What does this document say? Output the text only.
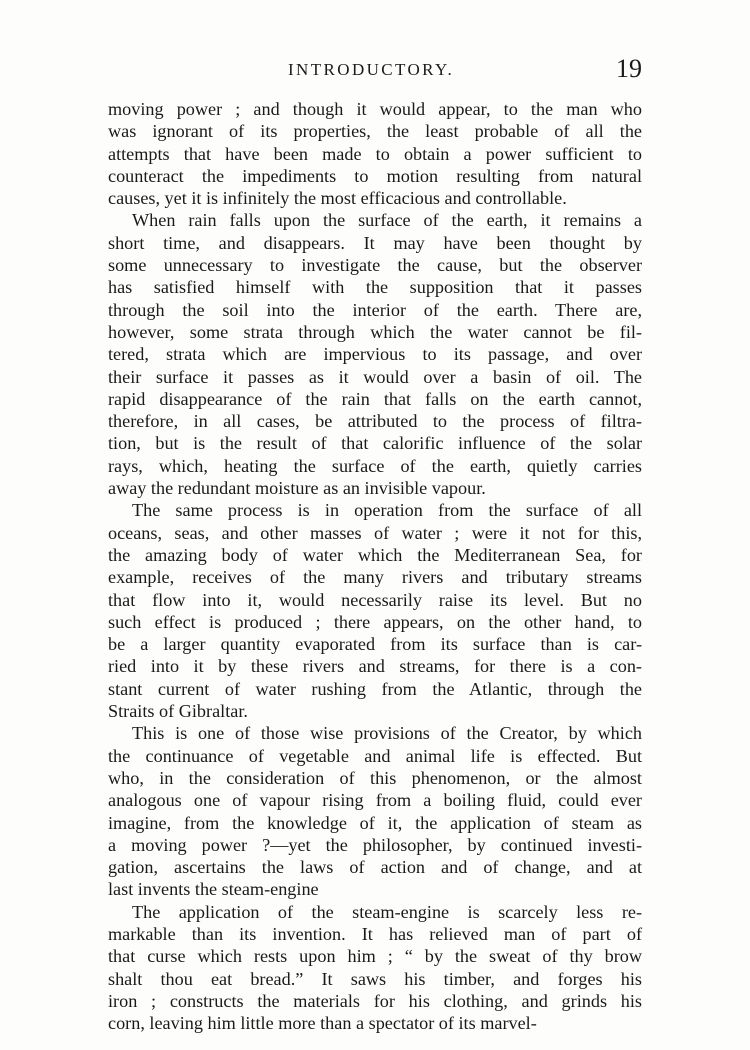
INTRODUCTORY.	19
moving power ; and though it would appear, to the man who
was ignorant of its properties, the least probable of all the
attempts that have been made to obtain a power sufficient to
counteract the impediments to motion resulting from natural
causes, yet it is infinitely the most efficacious and controllable.
When rain falls upon the surface of the earth, it remains a
short time, and disappears. It may have been thought by
some unnecessary to investigate the cause, but the observer
has satisfied himself with the supposition that it passes
through the soil into the interior of the earth. There are,
however, some strata through which the water cannot be fil-
tered, strata which are impervious to its passage, and over
their surface it passes as it would over a basin of oil. The
rapid disappearance of the rain that falls on the earth cannot,
therefore, in all cases, be attributed to the process of filtra-
tion, but is the result of that calorific influence of the solar
rays, which, heating the surface of the earth, quietly carries
away the redundant moisture as an invisible vapour.
The same process is in operation from the surface of all
oceans, seas, and other masses of water ; were it not for this,
the amazing body of water which the Mediterranean Sea, for
example, receives of the many rivers and tributary streams
that flow into it, would necessarily raise its level. But no
such effect is produced ; there appears, on the other hand, to
be a larger quantity evaporated from its surface than is car-
ried into it by these rivers and streams, for there is a con-
stant current of water rushing from the Atlantic, through the
Straits of Gibraltar.
This is one of those wise provisions of the Creator, by which
the continuance of vegetable and animal life is effected. But
who, in the consideration of this phenomenon, or the almost
analogous one of vapour rising from a boiling fluid, could ever
imagine, from the knowledge of it, the application of steam as
a moving power ?—yet the philosopher, by continued investi-
gation, ascertains the laws of action and of change, and at
last invents the steam-engine
The application of the steam-engine is scarcely less re-
markable than its invention. It has relieved man of part of
that curse which rests upon him ; “ by the sweat of thy brow
shalt thou eat bread.” It saws his timber, and forges his
iron ; constructs the materials for his clothing, and grinds his
corn, leaving him little more than a spectator of its marvel-
